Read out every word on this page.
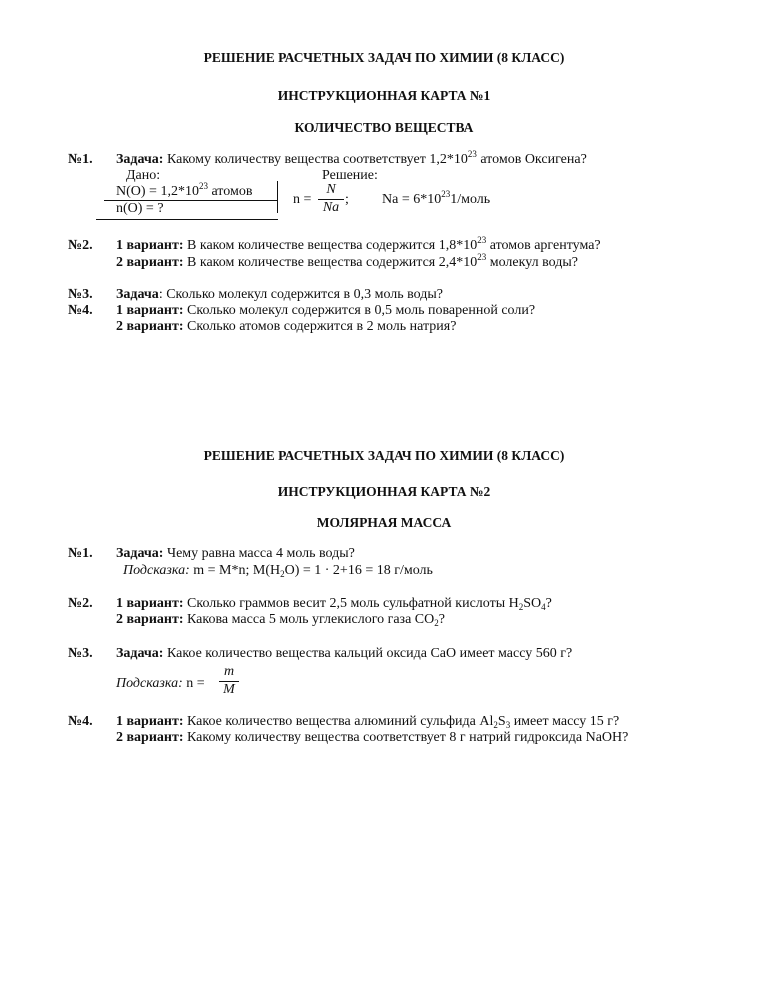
РЕШЕНИЕ РАСЧЕТНЫХ ЗАДАЧ ПО ХИМИИ (8 КЛАСС)
ИНСТРУКЦИОННАЯ КАРТА №1
КОЛИЧЕСТВО ВЕЩЕСТВА
№1. Задача: Какому количеству вещества соответствует $1,2*10^{23}$ атомов Оксигена?
Дано:	Решение:
$N(O) = 1,2*10^{23}$ атомов
n(O) = ?
n =
N
Na
; $Na = 6*10^{23}1$/моль
№2. 1 вариант: В каком количестве вещества содержится $1,8*10^{23}$ атомов аргентума?
2 вариант: В каком количестве вещества содержится $2,4*10^{23}$ молекул воды?
№3. Задача: Сколько молекул содержится в 0,3 моль воды?
№4. 1 вариант: Сколько молекул содержится в 0,5 моль поваренной соли?
2 вариант: Сколько атомов содержится в 2 моль натрия?
РЕШЕНИЕ РАСЧЕТНЫХ ЗАДАЧ ПО ХИМИИ (8 КЛАСС)
ИНСТРУКЦИОННАЯ КАРТА №2
МОЛЯРНАЯ МАССА
№1. Задача: Чему равна масса 4 моль воды?
Подсказка: m = M*n; $M(H_2O) = 1 \cdot 2+16 = 18$ г/моль
№2. 1 вариант: Сколько граммов весит 2,5 моль сульфатной кислоты $H_2SO_4$?
2 вариант: Какова масса 5 моль углекислого газа $CO_2$?
№3. Задача: Какое количество вещества кальций оксида CaO имеет массу 560 г?
Подсказка: n =
m
M
№4. 1 вариант: Какое количество вещества алюминий сульфида $Al_2S_3$ имеет массу 15 г?
2 вариант: Какому количеству вещества соответствует 8 г натрий гидроксида NaOH?
